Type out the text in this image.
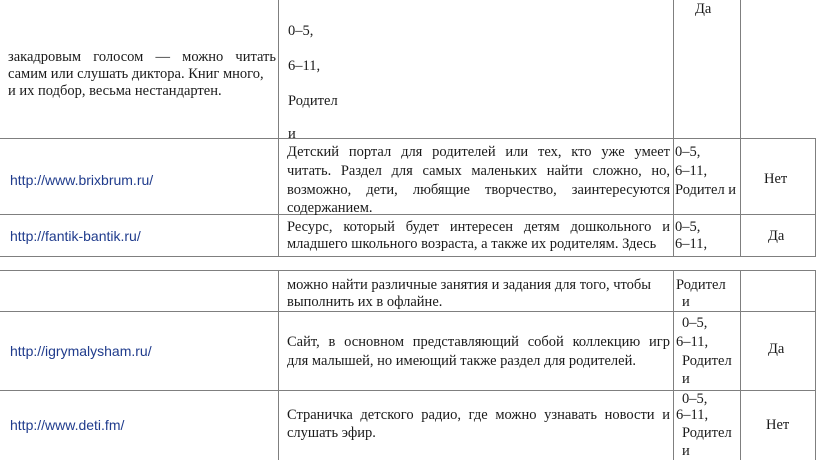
закадровым голосом — можно читать

самим или слушать диктора. Книг много,

и их подбор, весьма нестандартен.

0–5,
6–11,
Родител
и
Да
http://www.brixbrum.ru/

Детский портал для родителей или тех, кто уже умеет

читать. Раздел для самых маленьких найти сложно, но,

возможно, дети, любящие творчество, заинтересуются

содержанием.

0–5,
6–11,
Родител и
Нет
http://fantik-bantik.ru/

Ресурс, который будет интересен детям дошкольного и

младшего школьного возраста, а также их родителям. Здесь

0–5,
6–11,	Да

можно найти различные занятия и задания для того, чтобы

выполнить их в офлайне.

Родител
и
http://igrymalysham.ru/

Сайт, в основном представляющий собой коллекцию игр

для малышей, но имеющий также раздел для родителей.

0–5,
6–11,
Родител
и
Да
http://www.deti.fm/

Страничка детского радио, где можно узнавать новости и

слушать эфир.

0–5,
6–11,
Родител
и
Нет
